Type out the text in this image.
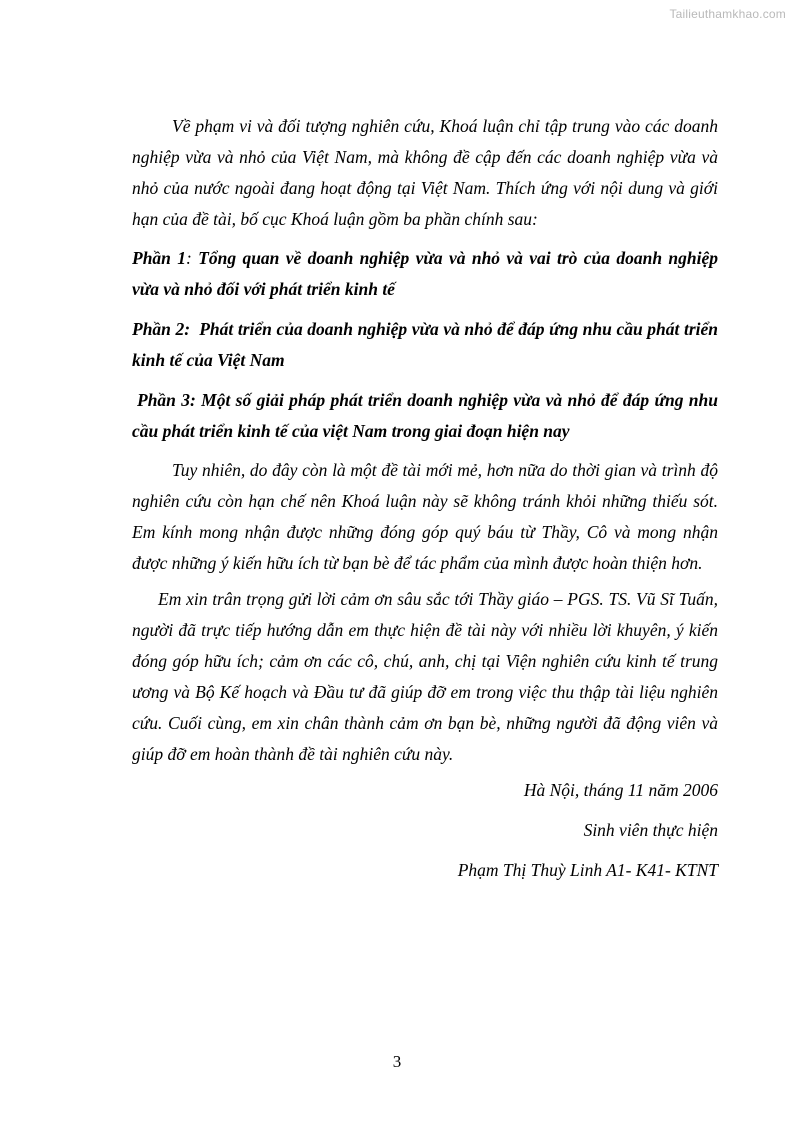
Tailieuthamkhao.com

Về phạm vi và đối tượng nghiên cứu, Khoá luận chỉ tập trung vào các doanh nghiệp vừa và nhỏ của Việt Nam, mà không đề cập đến các doanh nghiệp vừa và nhỏ của nước ngoài đang hoạt động tại Việt Nam. Thích ứng với nội dung và giới hạn của đề tài, bố cục Khoá luận gồm ba phần chính sau:

Phần 1: Tổng quan về doanh nghiệp vừa và nhỏ và vai trò của doanh nghiệp vừa và nhỏ đối với phát triển kinh tế

Phần 2: Phát triển của doanh nghiệp vừa và nhỏ để đáp ứng nhu cầu phát triển kinh tế của Việt Nam

Phần 3: Một số giải pháp phát triển doanh nghiệp vừa và nhỏ để đáp ứng nhu cầu phát triển kinh tế của việt Nam trong giai đoạn hiện nay

Tuy nhiên, do đây còn là một đề tài mới mẻ, hơn nữa do thời gian và trình độ nghiên cứu còn hạn chế nên Khoá luận này sẽ không tránh khỏi những thiếu sót. Em kính mong nhận được những đóng góp quý báu từ Thầy, Cô và mong nhận được những ý kiến hữu ích từ bạn bè để tác phẩm của mình được hoàn thiện hơn.

Em xin trân trọng gửi lời cảm ơn sâu sắc tới Thầy giáo – PGS. TS. Vũ Sĩ Tuấn, người đã trực tiếp hướng dẫn em thực hiện đề tài này với nhiều lời khuyên, ý kiến đóng góp hữu ích; cảm ơn các cô, chú, anh, chị tại Viện nghiên cứu kinh tế trung ương và Bộ Kế hoạch và Đầu tư đã giúp đỡ em trong việc thu thập tài liệu nghiên cứu. Cuối cùng, em xin chân thành cảm ơn bạn bè, những người đã động viên và giúp đỡ em hoàn thành đề tài nghiên cứu này.

Hà Nội, tháng 11 năm 2006

Sinh viên thực hiện

Phạm Thị Thuỳ Linh A1- K41- KTNT

3
